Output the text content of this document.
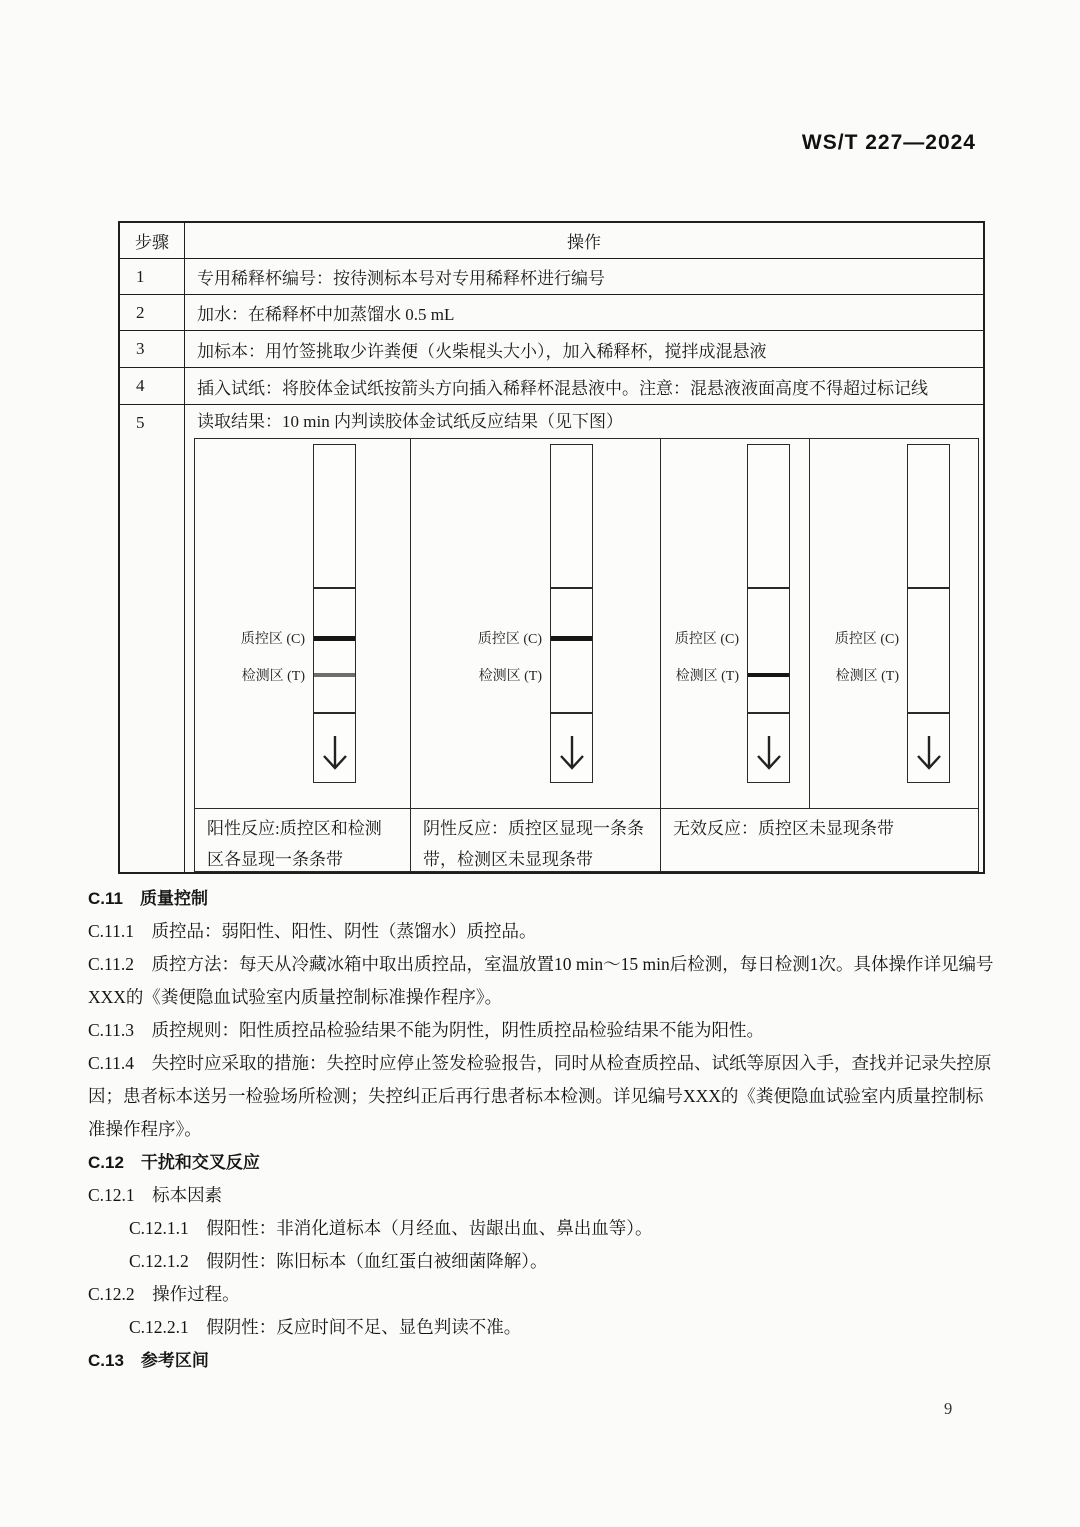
WS/T 227—2024
步骤	操作
1	专用稀释杯编号：按待测标本号对专用稀释杯进行编号
2	加水：在稀释杯中加蒸馏水 0.5 mL
3	加标本：用竹签挑取少许粪便（火柴棍头大小），加入稀释杯，搅拌成混悬液
4	插入试纸：将胶体金试纸按箭头方向插入稀释杯混悬液中。注意：混悬液液面高度不得超过标记线
5	读取结果：10 min 内判读胶体金试纸反应结果（见下图）
质控区 (C)
检测区 (T)
质控区 (C)
检测区 (T)
质控区 (C)
检测区 (T)
质控区 (C)
检测区 (T)
阳性反应:质控区和检测区各显现一条条带
阴性反应：质控区显现一条条带，检测区未显现条带
无效反应：质控区未显现条带

C.11　质量控制

C.11.1　质控品：弱阳性、阳性、阴性（蒸馏水）质控品。

C.11.2　质控方法：每天从冷藏冰箱中取出质控品，室温放置10 min～15 min后检测，每日检测1次。具体操作详见编号XXX的《粪便隐血试验室内质量控制标准操作程序》。

C.11.3　质控规则：阳性质控品检验结果不能为阴性，阴性质控品检验结果不能为阳性。

C.11.4　失控时应采取的措施：失控时应停止签发检验报告，同时从检查质控品、试纸等原因入手，查找并记录失控原因；患者标本送另一检验场所检测；失控纠正后再行患者标本检测。详见编号XXX的《粪便隐血试验室内质量控制标准操作程序》。

C.12　干扰和交叉反应

C.12.1　标本因素

C.12.1.1　假阳性：非消化道标本（月经血、齿龈出血、鼻出血等）。

C.12.1.2　假阴性：陈旧标本（血红蛋白被细菌降解）。

C.12.2　操作过程。

C.12.2.1　假阴性：反应时间不足、显色判读不准。

C.13　参考区间

9
